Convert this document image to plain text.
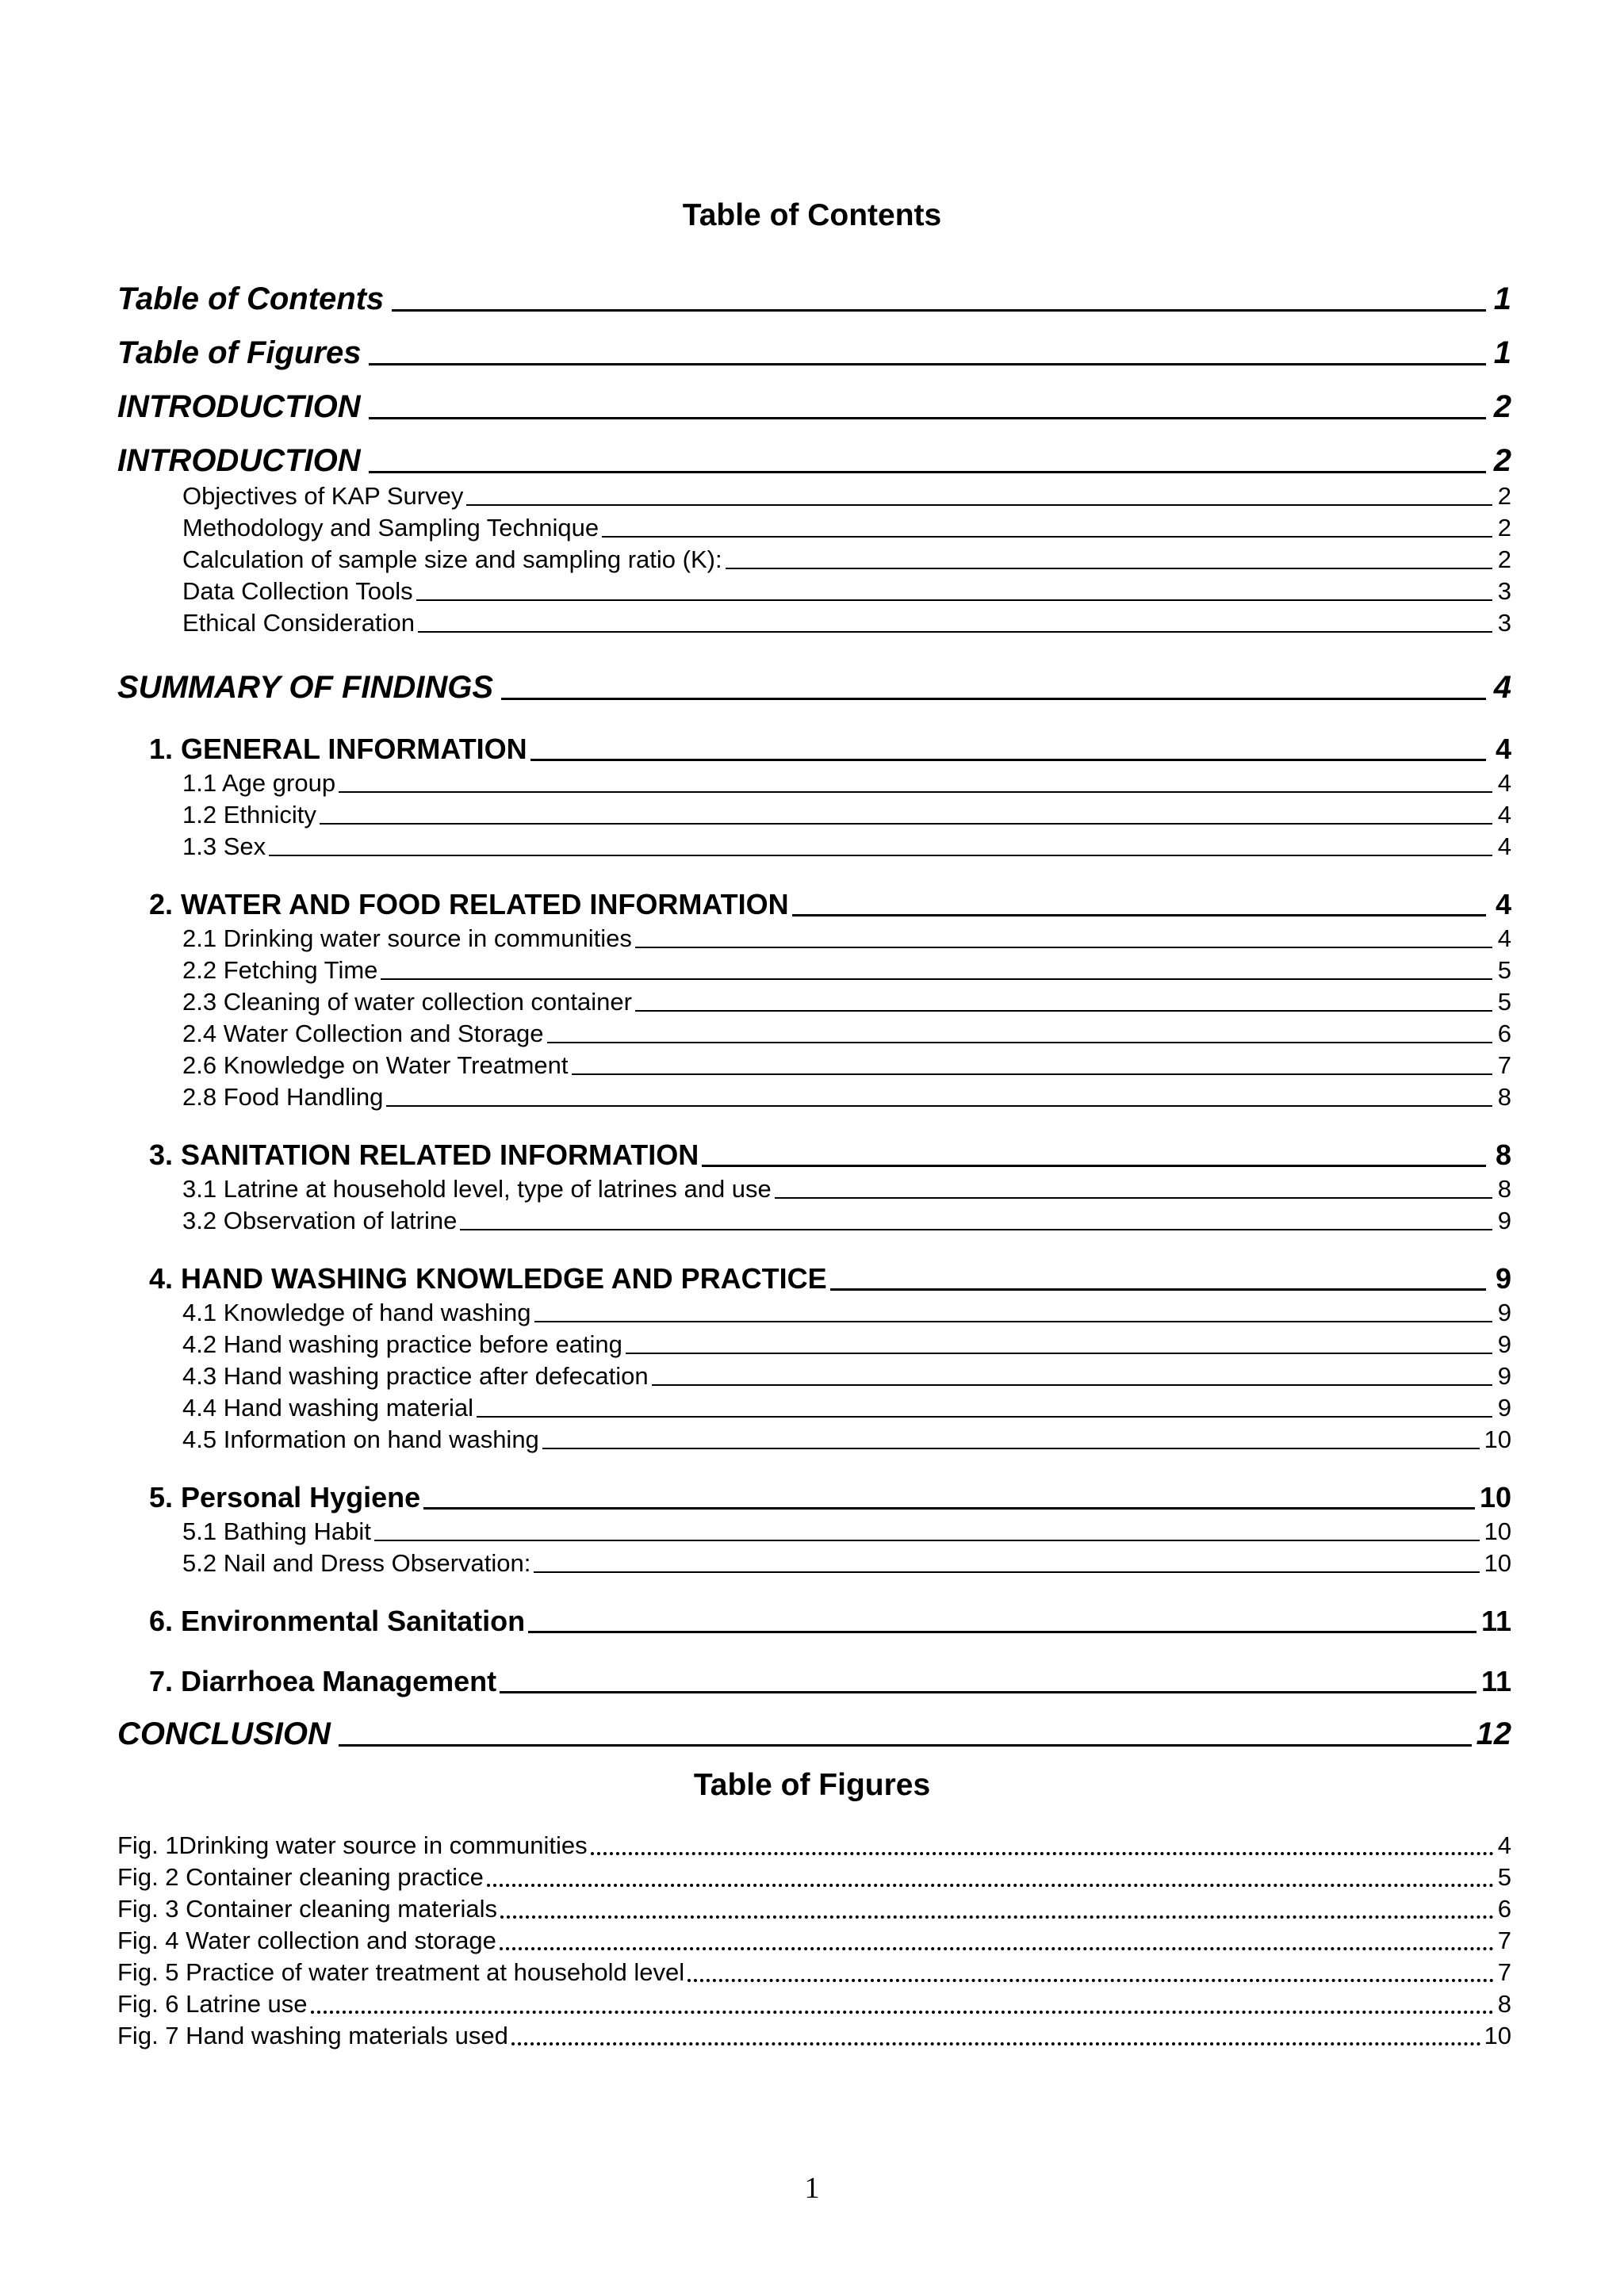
Table of Contents
Table of Contents	1
Table of Figures	1
INTRODUCTION	2
INTRODUCTION	2
Objectives of KAP Survey	2
Methodology and Sampling Technique	2
Calculation of sample size and sampling ratio (K):	2
Data Collection Tools	3
Ethical Consideration	3
SUMMARY OF FINDINGS	4
1. GENERAL INFORMATION	4
1.1 Age group	4
1.2 Ethnicity	4
1.3 Sex	4
2. WATER AND FOOD RELATED INFORMATION	4
2.1 Drinking water source in communities	4
2.2 Fetching Time	5
2.3 Cleaning of water collection container	5
2.4 Water Collection and Storage	6
2.6 Knowledge on Water Treatment	7
2.8 Food Handling	8
3. SANITATION RELATED INFORMATION	8
3.1 Latrine at household level, type of latrines and use	8
3.2 Observation of latrine	9
4. HAND WASHING KNOWLEDGE AND PRACTICE	9
4.1 Knowledge of hand washing	9
4.2 Hand washing practice before eating	9
4.3 Hand washing practice after defecation	9
4.4 Hand washing material	9
4.5 Information on hand washing	10
5. Personal Hygiene	10
5.1 Bathing Habit	10
5.2 Nail and Dress Observation:	10
6. Environmental Sanitation	11
7. Diarrhoea Management	11
CONCLUSION	12
Table of Figures
Fig. 1Drinking water source in communities	4
Fig. 2 Container cleaning practice	5
Fig. 3 Container cleaning materials	6
Fig. 4 Water collection and storage	7
Fig. 5 Practice of water treatment at household level	7
Fig. 6 Latrine use	8
Fig. 7 Hand washing materials used	10
1
